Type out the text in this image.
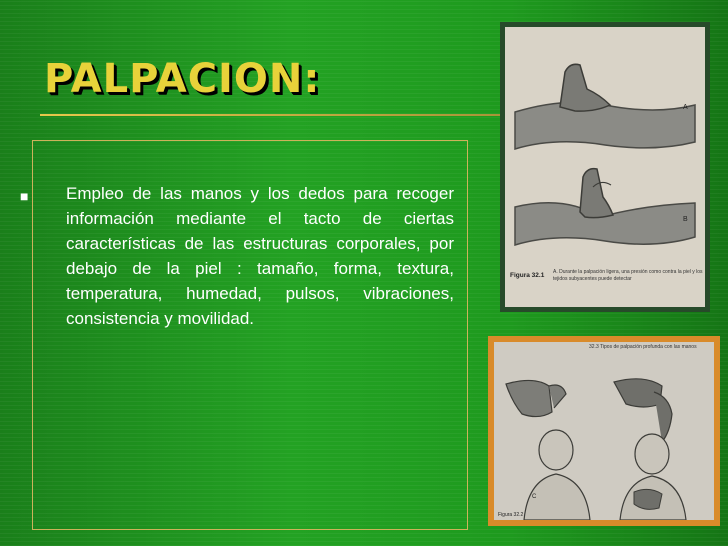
PALPACION:
■ Empleo de las manos y los dedos para recoger información mediante el tacto de ciertas características de las estructuras corporales, por debajo de la piel : tamaño, forma, textura, temperatura, humedad, pulsos, vibraciones, consistencia y movilidad.

A
B
Figura 32.1 A. Durante la palpación ligera, una presión como contra la piel y los tejidos subyacentes puede detectar
32.3 Tipos de palpación profunda con las manos
C
Figura 32.2
